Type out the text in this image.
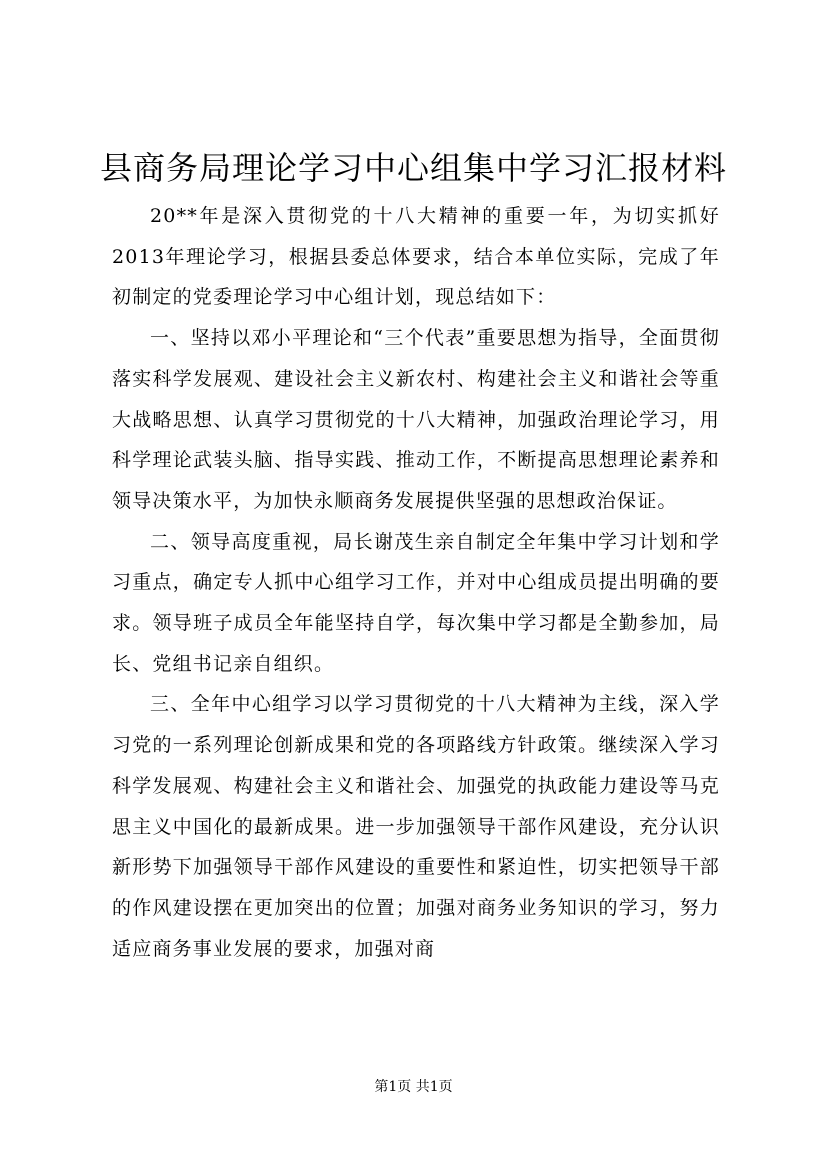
县商务局理论学习中心组集中学习汇报材料

20**年是深入贯彻党的十八大精神的重要一年，为切实抓好2013年理论学习，根据县委总体要求，结合本单位实际，完成了年初制定的党委理论学习中心组计划，现总结如下：

一、坚持以邓小平理论和“三个代表”重要思想为指导，全面贯彻落实科学发展观、建设社会主义新农村、构建社会主义和谐社会等重大战略思想、认真学习贯彻党的十八大精神，加强政治理论学习，用科学理论武装头脑、指导实践、推动工作，不断提高思想理论素养和领导决策水平，为加快永顺商务发展提供坚强的思想政治保证。

二、领导高度重视，局长谢茂生亲自制定全年集中学习计划和学习重点，确定专人抓中心组学习工作，并对中心组成员提出明确的要求。领导班子成员全年能坚持自学，每次集中学习都是全勤参加，局长、党组书记亲自组织。

三、全年中心组学习以学习贯彻党的十八大精神为主线，深入学习党的一系列理论创新成果和党的各项路线方针政策。继续深入学习科学发展观、构建社会主义和谐社会、加强党的执政能力建设等马克思主义中国化的最新成果。进一步加强领导干部作风建设，充分认识新形势下加强领导干部作风建设的重要性和紧迫性，切实把领导干部的作风建设摆在更加突出的位置；加强对商务业务知识的学习，努力适应商务事业发展的要求，加强对商

第1页 共1页
